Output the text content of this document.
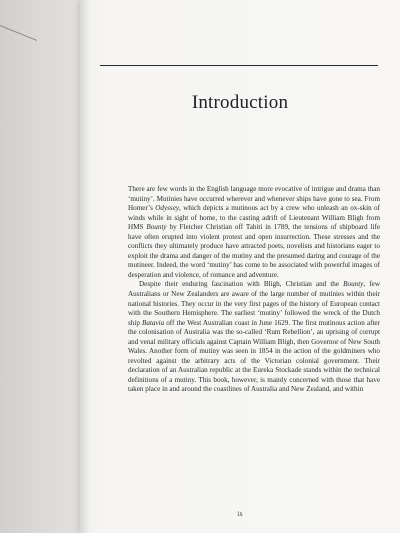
Introduction

There are few words in the English language more evocative of intrigue and drama than ‘mutiny’. Mutinies have occurred wherever and whenever ships have gone to sea. From Homer’s Odyssey, which depicts a mutinous act by a crew who unleash an ox-skin of winds while in sight of home, to the casting adrift of Lieutenant William Bligh from HMS Bounty by Fletcher Christian off Tahiti in 1789, the tensions of shipboard life have often erupted into violent protest and open insurrection. These stresses and the conflicts they ultimately produce have attracted poets, novelists and historians eager to exploit the drama and danger of the mutiny and the presumed daring and courage of the mutineer. Indeed, the word ‘mutiny’ has come to be associated with powerful images of desperation and violence, of romance and adventure.

Despite their enduring fascination with Bligh, Christian and the Bounty, few Australians or New Zealanders are aware of the large number of mutinies within their national histories. They occur in the very first pages of the history of European contact with the Southern Hemisphere. The earliest ‘mutiny’ followed the wreck of the Dutch ship Batavia off the West Australian coast in June 1629. The first mutinous action after the colonisation of Australia was the so-called ‘Rum Rebellion’, an uprising of corrupt and venal military officials against Captain William Bligh, then Governor of New South Wales. Another form of mutiny was seen in 1854 in the action of the goldminers who revolted against the arbitrary acts of the Victorian colonial government. Their declaration of an Australian republic at the Eureka Stockade stands within the technical definitions of a mutiny. This book, however, is mainly concerned with those that have taken place in and around the coastlines of Australia and New Zealand, and within

ix
